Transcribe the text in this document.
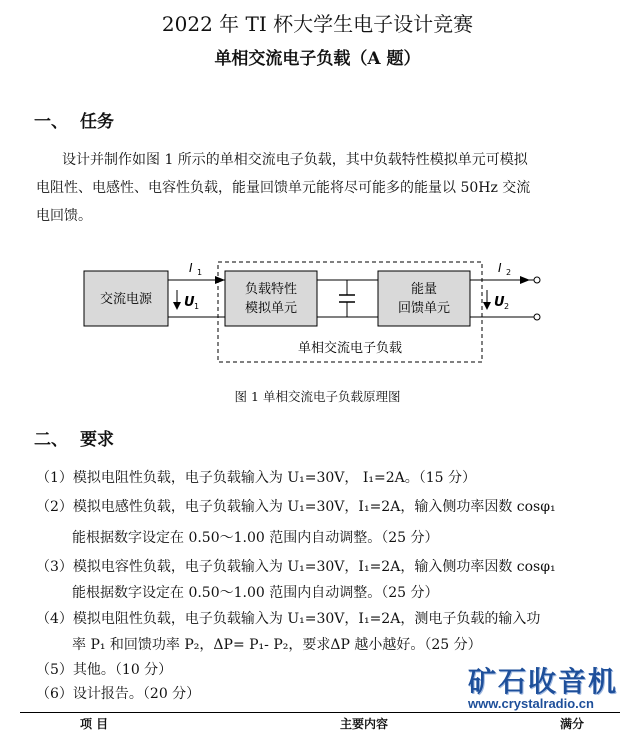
2022 年 TI 杯大学生电子设计竞赛
单相交流电子负载（A 题）
一、 任务
设计并制作如图 1 所示的单相交流电子负载，其中负载特性模拟单元可模拟
电阻性、电感性、电容性负载，能量回馈单元能将尽可能多的能量以 50Hz 交流
电回馈。
交流电源
I 1
U 1
负载特性
模拟单元
能量
回馈单元
I 2
U 2
单相交流电子负载
图 1 单相交流电子负载原理图
二、 要求
（1）模拟电阻性负载，电子负载输入为 U₁=30V， I₁=2A。（15 分）
（2）模拟电感性负载，电子负载输入为 U₁=30V，I₁=2A，输入侧功率因数 cosφ₁
能根据数字设定在 0.50～1.00 范围内自动调整。（25 分）
（3）模拟电容性负载，电子负载输入为 U₁=30V，I₁=2A，输入侧功率因数 cosφ₁
能根据数字设定在 0.50～1.00 范围内自动调整。（25 分）
（4）模拟电阻性负载，电子负载输入为 U₁=30V，I₁=2A，测电子负载的输入功
率 P₁ 和回馈功率 P₂，ΔP= P₁- P₂，要求ΔP 越小越好。（25 分）
（5）其他。（10 分）
（6）设计报告。（20 分）
项 目	主要内容	满分
矿石收音机
www.crystalradio.cn
